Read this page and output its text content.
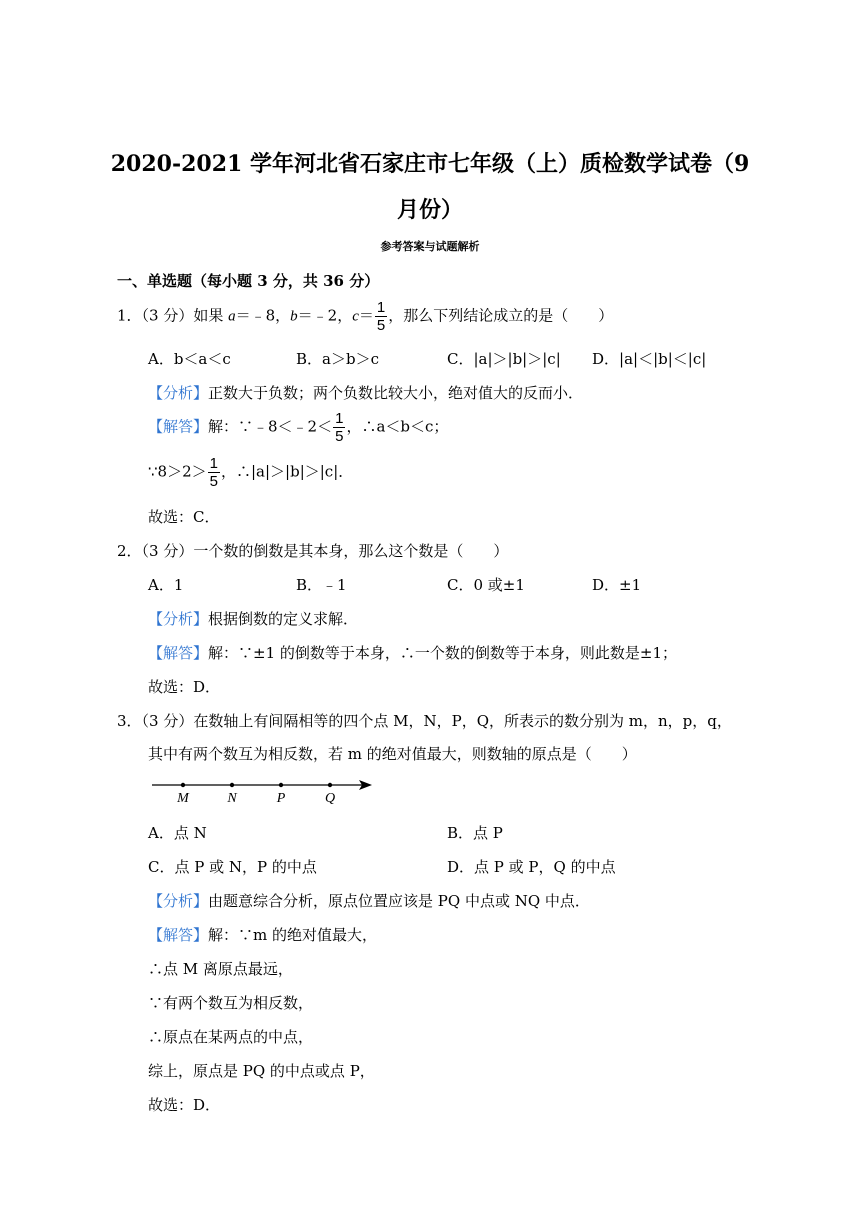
2020-2021 学年河北省石家庄市七年级（上）质检数学试卷（9
月份）
参考答案与试题解析
一、单选题（每小题 3 分，共 36 分）
1．（3 分）如果 a＝﹣8，b＝﹣2，$c= \frac{1}{5}$ ，那么下列结论成立的是（　　）
A．b＜a＜c	B．a＞b＞c	C．|a|＞|b|＞|c| D．|a|＜|b|＜|c|
【分析】正数大于负数；两个负数比较大小，绝对值大的反而小．
【解答】解：∵﹣8＜﹣2＜ $\frac{1}{5}$ ，∴a＜b＜c；
∵8＞2＞ $\frac{1}{5}$ ，∴|a|＞|b|＞|c|．
故选：C．
2．（3 分）一个数的倒数是其本身，那么这个数是（　　）
A．1	B．﹣1	C．0 或±1	D．±1
【分析】根据倒数的定义求解．
【解答】解：∵±1 的倒数等于本身，∴一个数的倒数等于本身，则此数是±1；
故选：D．
3．（3 分）在数轴上有间隔相等的四个点 M，N，P，Q，所表示的数分别为 m，n，p，q，
其中有两个数互为相反数，若 m 的绝对值最大，则数轴的原点是（　　）
M	N	P	Q
A．点 N	B．点 P
C．点 P 或 N，P 的中点	D．点 P 或 P，Q 的中点
【分析】由题意综合分析，原点位置应该是 PQ 中点或 NQ 中点．
【解答】解：∵m 的绝对值最大，
∴点 M 离原点最远，
∵有两个数互为相反数，
∴原点在某两点的中点，
综上，原点是 PQ 的中点或点 P，
故选：D．
